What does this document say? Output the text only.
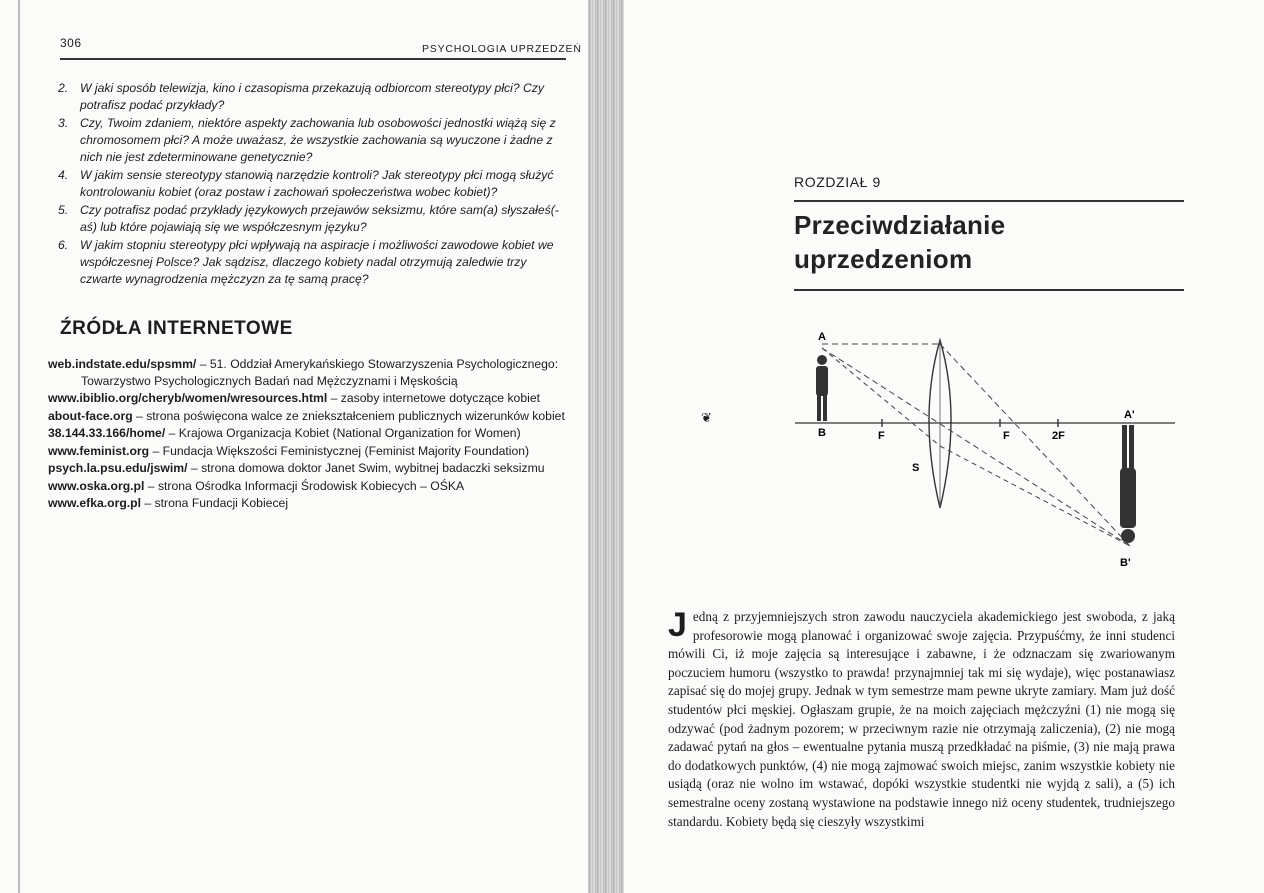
306	PSYCHOLOGIA UPRZEDZEŃ
2. W jaki sposób telewizja, kino i czasopisma przekazują odbiorcom stereotypy płci? Czy potrafisz podać przykłady?
3. Czy, Twoim zdaniem, niektóre aspekty zachowania lub osobowości jednostki wiążą się z chromosomem płci? A może uważasz, że wszystkie zachowania są wyuczone i żadne z nich nie jest zdeterminowane genetycznie?
4. W jakim sensie stereotypy stanowią narzędzie kontroli? Jak stereotypy płci mogą służyć kontrolowaniu kobiet (oraz postaw i zachowań społeczeństwa wobec kobiet)?
5. Czy potrafisz podać przykłady językowych przejawów seksizmu, które sam(a) słyszałeś(-aś) lub które pojawiają się we współczesnym języku?
6. W jakim stopniu stereotypy płci wpływają na aspiracje i możliwości zawodowe kobiet we współczesnej Polsce? Jak sądzisz, dlaczego kobiety nadal otrzymują zaledwie trzy czwarte wynagrodzenia mężczyzn za tę samą pracę?
ŹRÓDŁA INTERNETOWE
web.indstate.edu/spsmm/ – 51. Oddział Amerykańskiego Stowarzyszenia Psychologicznego: Towarzystwo Psychologicznych Badań nad Mężczyznami i Męskością
www.ibiblio.org/cheryb/women/wresources.html – zasoby internetowe dotyczące kobiet
about-face.org – strona poświęcona walce ze zniekształceniem publicznych wizerunków kobiet
38.144.33.166/home/ – Krajowa Organizacja Kobiet (National Organization for Women)
www.feminist.org – Fundacja Większości Feministycznej (Feminist Majority Foundation)
psych.la.psu.edu/jswim/ – strona domowa doktor Janet Swim, wybitnej badaczki seksizmu
www.oska.org.pl – strona Ośrodka Informacji Środowisk Kobiecych – OŚKA
www.efka.org.pl – strona Fundacji Kobiecej
ROZDZIAŁ 9
Przeciwdziałanie
uprzedzeniom
❦
A
B	F
S
F	2F
A'
B'
Jedną z przyjemniejszych stron zawodu nauczyciela akademickiego jest swoboda, z jaką profesorowie mogą planować i organizować swoje zajęcia. Przypuśćmy, że inni studenci mówili Ci, iż moje zajęcia są interesujące i zabawne, i że odznaczam się zwariowanym poczuciem humoru (wszystko to prawda! przynajmniej tak mi się wydaje), więc postanawiasz zapisać się do mojej grupy. Jednak w tym semestrze mam pewne ukryte zamiary. Mam już dość studentów płci męskiej. Ogłaszam grupie, że na moich zajęciach mężczyźni (1) nie mogą się odzywać (pod żadnym pozorem; w przeciwnym razie nie otrzymają zaliczenia), (2) nie mogą zadawać pytań na głos – ewentualne pytania muszą przedkładać na piśmie, (3) nie mają prawa do dodatkowych punktów, (4) nie mogą zajmować swoich miejsc, zanim wszystkie kobiety nie usiądą (oraz nie wolno im wstawać, dopóki wszystkie studentki nie wyjdą z sali), a (5) ich semestralne oceny zostaną wystawione na podstawie innego niż oceny studentek, trudniejszego standardu. Kobiety będą się cieszyły wszystkimi
